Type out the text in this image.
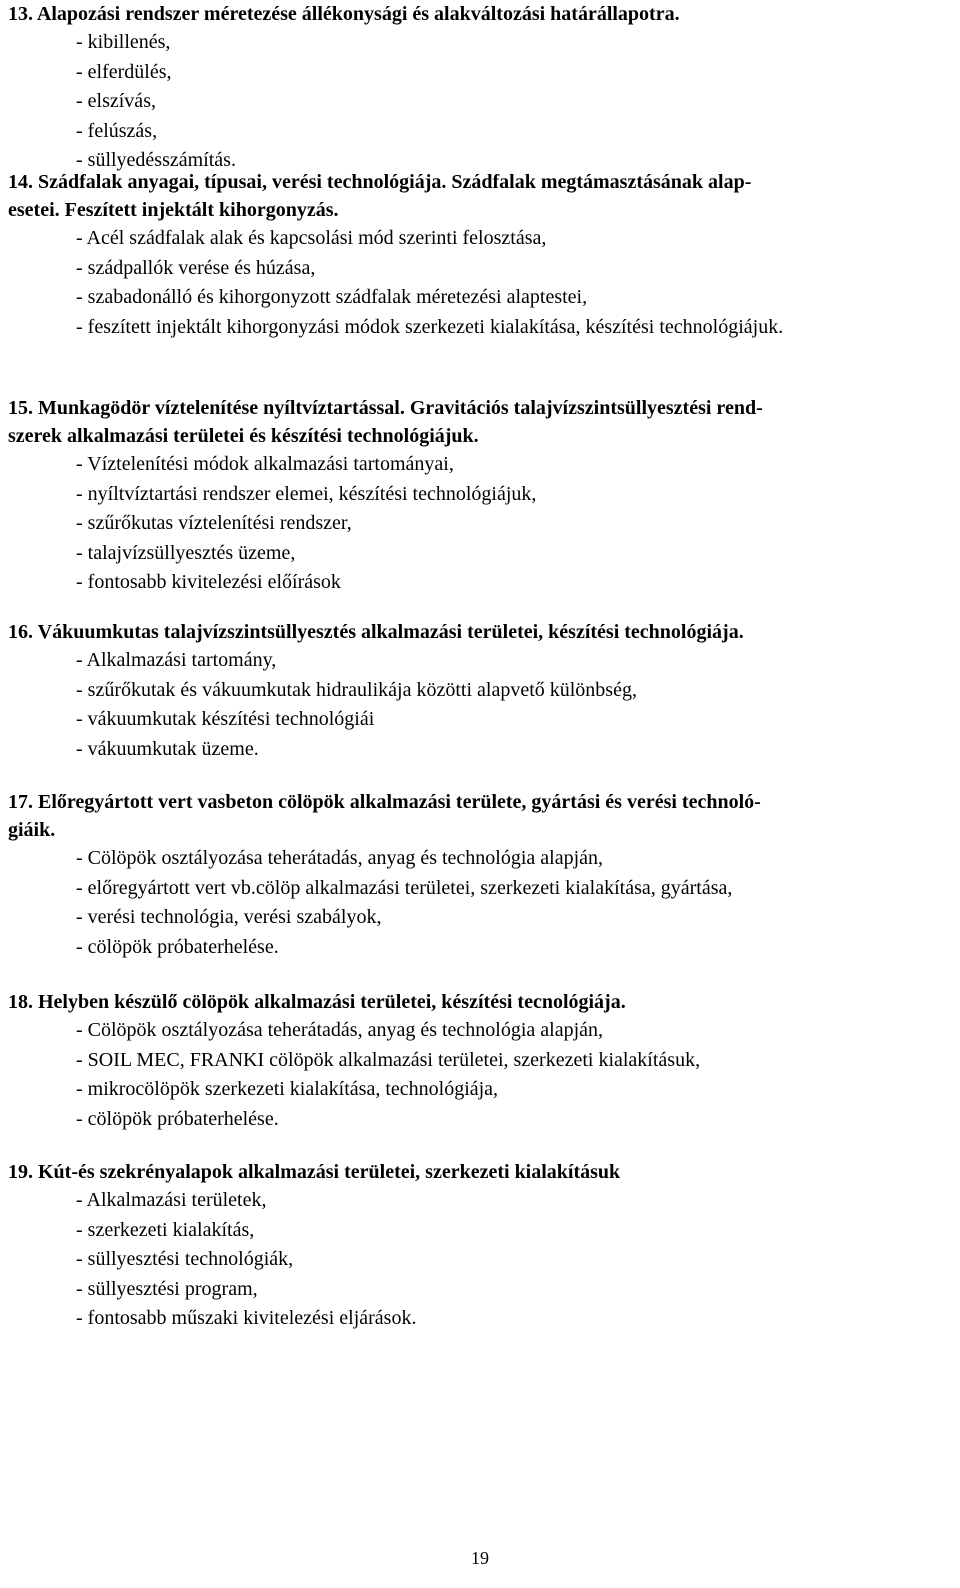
13. Alapozási rendszer méretezése állékonysági és alakváltozási határállapotra.
- kibillenés,
- elferdülés,
- elszívás,
- felúszás,
- süllyedésszámítás.
14. Szádfalak anyagai, típusai, verési technológiája. Szádfalak megtámasztásának alap-
esetei. Feszített injektált kihorgonyzás.
- Acél szádfalak alak és kapcsolási mód szerinti felosztása,
- szádpallók verése és húzása,
- szabadonálló és kihorgonyzott szádfalak méretezési alaptestei,
- feszített injektált kihorgonyzási módok szerkezeti kialakítása, készítési technológiájuk.
15. Munkagödör víztelenítése nyíltvíztartással. Gravitációs talajvízszintsüllyesztési rend-
szerek alkalmazási területei és készítési technológiájuk.
- Víztelenítési módok alkalmazási tartományai,
- nyíltvíztartási rendszer elemei, készítési technológiájuk,
- szűrőkutas víztelenítési rendszer,
- talajvízsüllyesztés üzeme,
- fontosabb kivitelezési előírások
16. Vákuumkutas talajvízszintsüllyesztés alkalmazási területei, készítési technológiája.
- Alkalmazási tartomány,
- szűrőkutak és vákuumkutak hidraulikája közötti alapvető különbség,
- vákuumkutak készítési technológiái
- vákuumkutak üzeme.
17. Előregyártott vert vasbeton cölöpök alkalmazási területe, gyártási és verési technoló-
giáik.
- Cölöpök osztályozása teherátadás, anyag és technológia alapján,
- előregyártott vert vb.cölöp alkalmazási területei, szerkezeti kialakítása, gyártása,
- verési technológia, verési szabályok,
- cölöpök próbaterhelése.
18. Helyben készülő cölöpök alkalmazási területei, készítési tecnológiája.
- Cölöpök osztályozása teherátadás, anyag és technológia alapján,
- SOIL MEC, FRANKI cölöpök alkalmazási területei, szerkezeti kialakításuk,
- mikrocölöpök szerkezeti kialakítása, technológiája,
- cölöpök próbaterhelése.
19. Kút-és szekrényalapok alkalmazási területei, szerkezeti kialakításuk
- Alkalmazási területek,
- szerkezeti kialakítás,
- süllyesztési technológiák,
- süllyesztési program,
- fontosabb műszaki kivitelezési eljárások.
19
